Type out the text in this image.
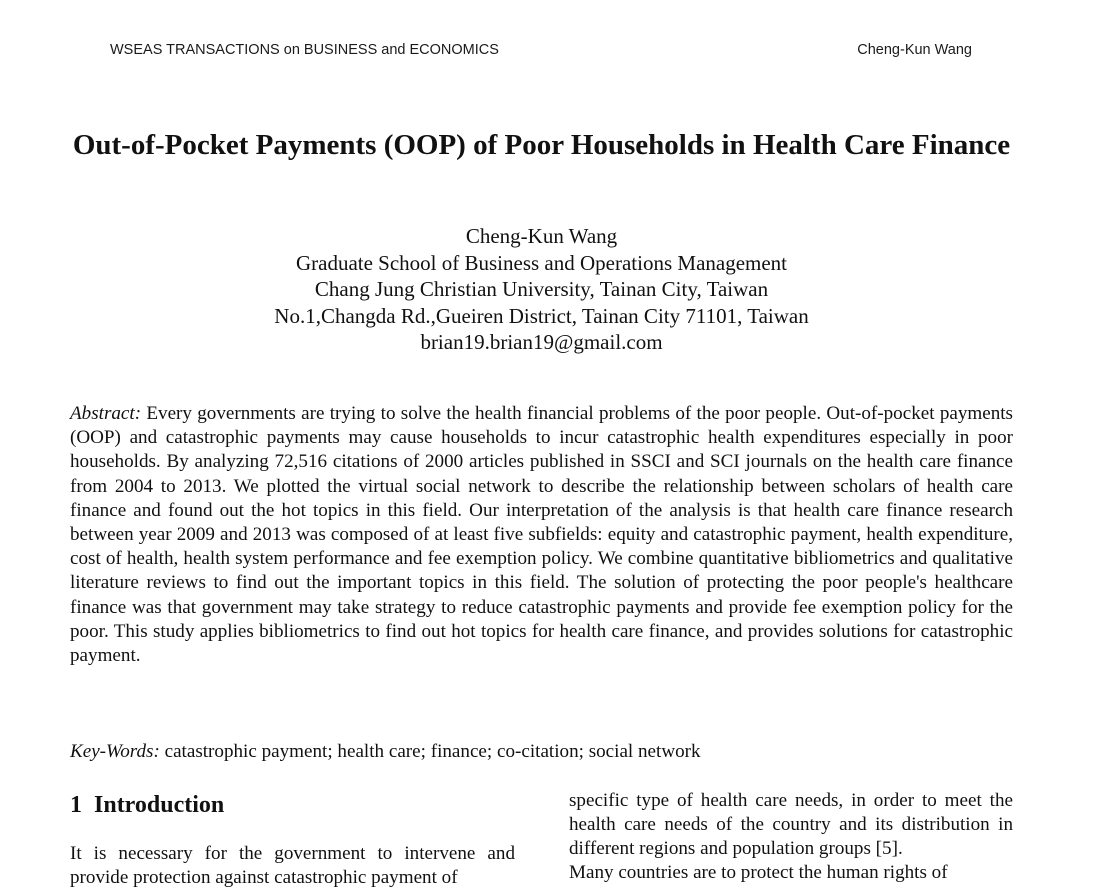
WSEAS TRANSACTIONS on BUSINESS and ECONOMICS	Cheng-Kun Wang
Out-of-Pocket Payments (OOP) of Poor Households in Health Care Finance
Cheng-Kun Wang
Graduate School of Business and Operations Management
Chang Jung Christian University, Tainan City, Taiwan
No.1,Changda Rd.,Gueiren District, Tainan City 71101, Taiwan
brian19.brian19@gmail.com

Abstract: Every governments are trying to solve the health financial problems of the poor people. Out-of-pocket payments (OOP) and catastrophic payments may cause households to incur catastrophic health expenditures especially in poor households. By analyzing 72,516 citations of 2000 articles published in SSCI and SCI journals on the health care finance from 2004 to 2013. We plotted the virtual social network to describe the relationship between scholars of health care finance and found out the hot topics in this field. Our interpretation of the analysis is that health care finance research between year 2009 and 2013 was composed of at least five subfields: equity and catastrophic payment, health expenditure, cost of health, health system performance and fee exemption policy. We combine quantitative bibliometrics and qualitative literature reviews to find out the important topics in this field. The solution of protecting the poor people's healthcare finance was that government may take strategy to reduce catastrophic payments and provide fee exemption policy for the poor. This study applies bibliometrics to find out hot topics for health care finance, and provides solutions for catastrophic payment.

Key-Words: catastrophic payment; health care; finance; co-citation; social network

1 Introduction

It is necessary for the government to intervene and provide protection against catastrophic payment of

specific type of health care needs, in order to meet the health care needs of the country and its distribution in different regions and population groups [5].

Many countries are to protect the human rights of
